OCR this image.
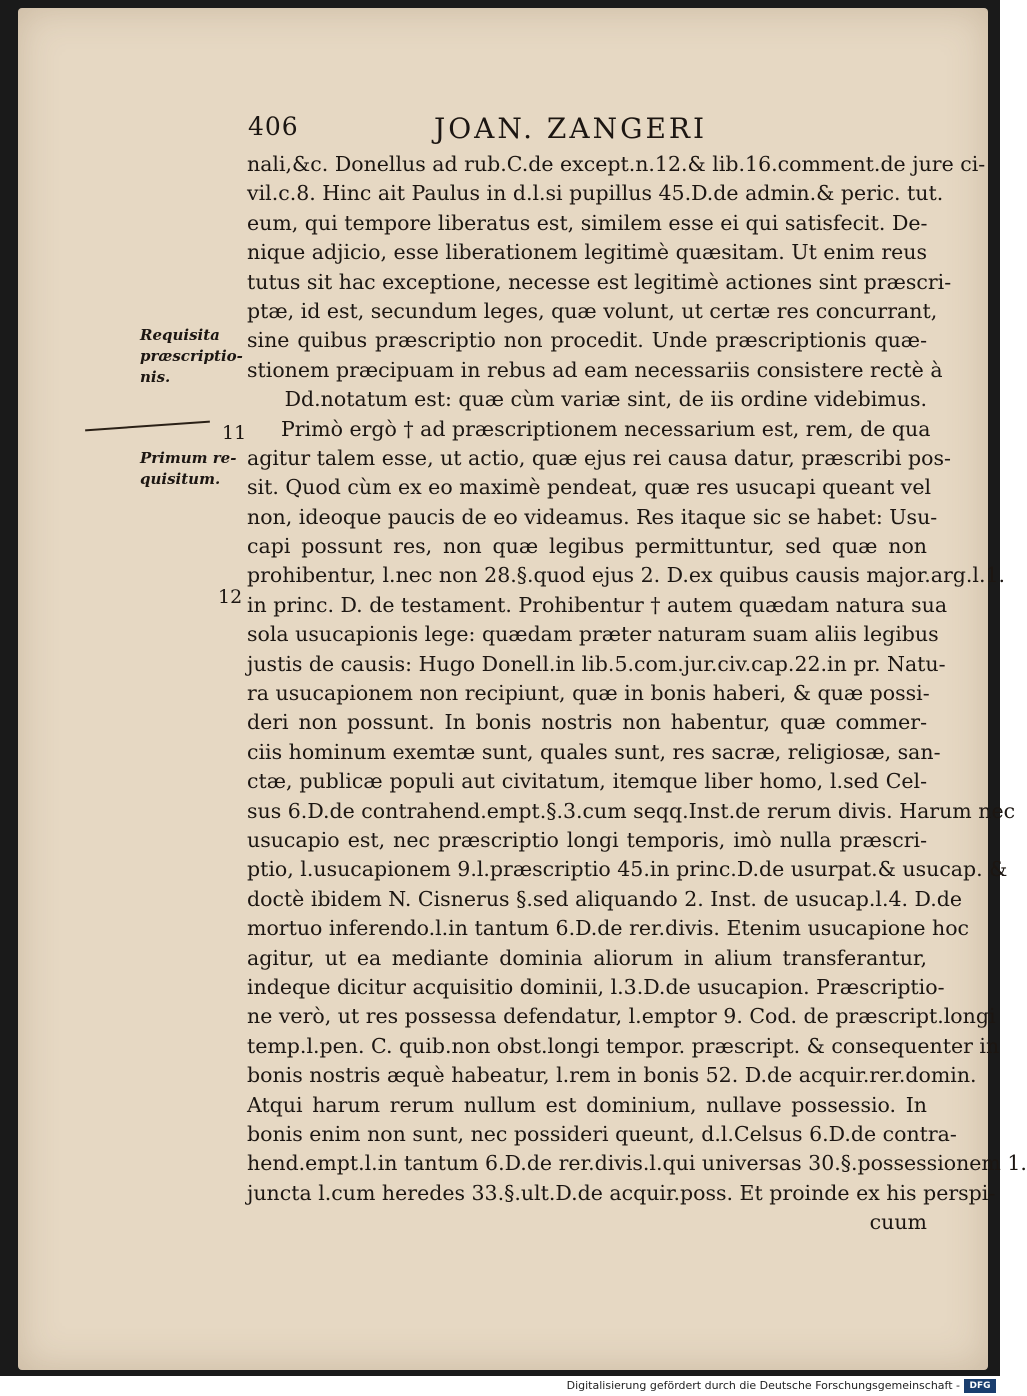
406	JOAN. ZANGERI
Requisita
præscriptio-
nis.
11
Primum re-
quisitum.
12
nali,&c. Donellus ad rub.C.de except.n.12.& lib.16.comment.de jure ci-
vil.c.8. Hinc ait Paulus in d.l.si pupillus 45.D.de admin.& peric. tut.
eum, qui tempore liberatus est, similem esse ei qui satisfecit. De-
nique adjicio, esse liberationem legitimè quæsitam. Ut enim reus
tutus sit hac exceptione, necesse est legitimè actiones sint præscri-
ptæ, id est, secundum leges, quæ volunt, ut certæ res concurrant,
sine quibus præscriptio non procedit. Unde præscriptionis quæ-
stionem præcipuam in rebus ad eam necessariis consistere rectè à
Dd.notatum est: quæ cùm variæ sint, de iis ordine videbimus.
Primò ergò † ad præscriptionem necessarium est, rem, de qua
agitur talem esse, ut actio, quæ ejus rei causa datur, præscribi pos-
sit. Quod cùm ex eo maximè pendeat, quæ res usucapi queant vel
non, ideoque paucis de eo videamus. Res itaque sic se habet: Usu-
capi possunt res, non quæ legibus permittuntur, sed quæ non
prohibentur, l.nec non 28.§.quod ejus 2. D.ex quibus causis major.arg.l.1.
in princ. D. de testament. Prohibentur † autem quædam natura sua
sola usucapionis lege: quædam præter naturam suam aliis legibus
justis de causis: Hugo Donell.in lib.5.com.jur.civ.cap.22.in pr. Natu-
ra usucapionem non recipiunt, quæ in bonis haberi, & quæ possi-
deri non possunt. In bonis nostris non habentur, quæ commer-
ciis hominum exemtæ sunt, quales sunt, res sacræ, religiosæ, san-
ctæ, publicæ populi aut civitatum, itemque liber homo, l.sed Cel-
sus 6.D.de contrahend.empt.§.3.cum seqq.Inst.de rerum divis. Harum nec
usucapio est, nec præscriptio longi temporis, imò nulla præscri-
ptio, l.usucapionem 9.l.præscriptio 45.in princ.D.de usurpat.& usucap. &
doctè ibidem N. Cisnerus §.sed aliquando 2. Inst. de usucap.l.4. D.de
mortuo inferendo.l.in tantum 6.D.de rer.divis. Etenim usucapione hoc
agitur, ut ea mediante dominia aliorum in alium transferantur,
indeque dicitur acquisitio dominii, l.3.D.de usucapion. Præscriptio-
ne verò, ut res possessa defendatur, l.emptor 9. Cod. de præscript.longi
temp.l.pen. C. quib.non obst.longi tempor. præscript. & consequenter in
bonis nostris æquè habeatur, l.rem in bonis 52. D.de acquir.rer.domin.
Atqui harum rerum nullum est dominium, nullave possessio. In
bonis enim non sunt, nec possideri queunt, d.l.Celsus 6.D.de contra-
hend.empt.l.in tantum 6.D.de rer.divis.l.qui universas 30.§.possessionem 1.
juncta l.cum heredes 33.§.ult.D.de acquir.poss. Et proinde ex his perspi-
cuum
Digitalisierung gefördert durch die Deutsche Forschungsgemeinschaft -	DFG
